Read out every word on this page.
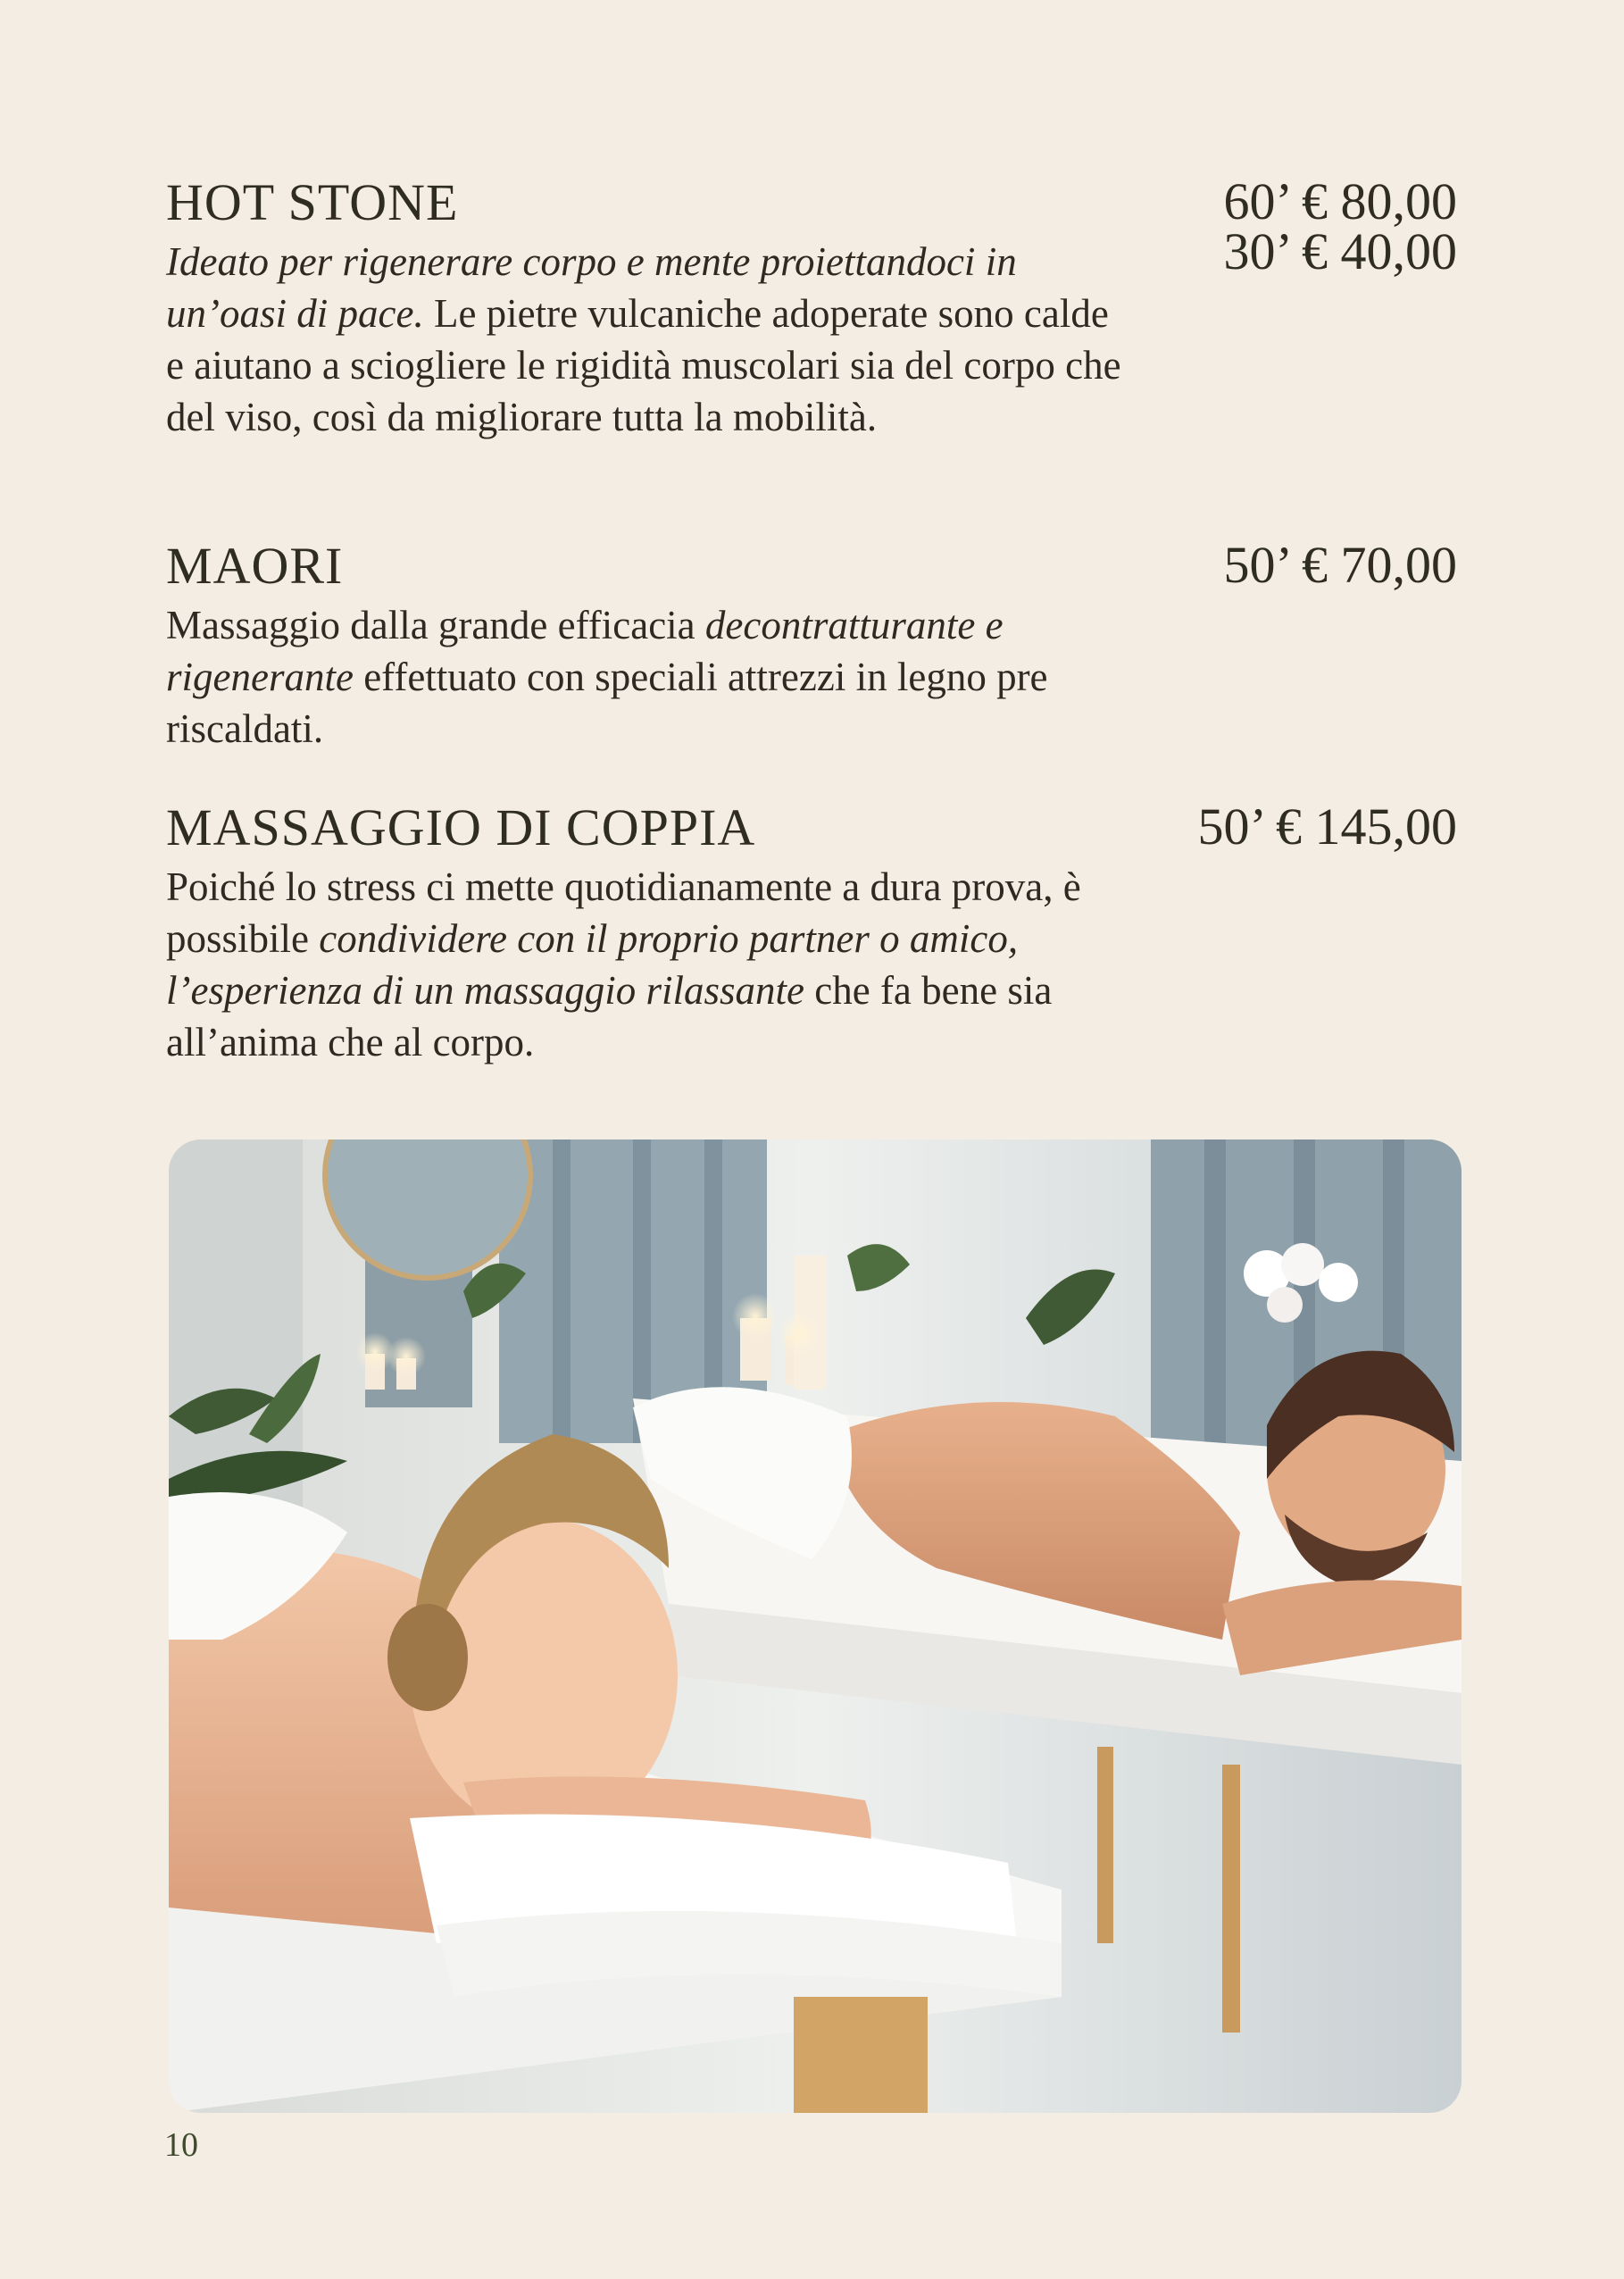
HOT STONE	60’ € 80,00
30’ € 40,00
Ideato per rigenerare corpo e mente proiettandoci in un’oasi di pace. Le pietre vulcaniche adoperate sono calde e aiutano a sciogliere le rigidità muscolari sia del corpo che del viso, così da migliorare tutta la mobilità.
MAORI	50’ € 70,00
Massaggio dalla grande efficacia decontratturante e rigenerante effettuato con speciali attrezzi in legno pre riscaldati.
MASSAGGIO DI COPPIA	50’ € 145,00
Poiché lo stress ci mette quotidianamente a dura prova, è possibile condividere con il proprio partner o amico, l’esperienza di un massaggio rilassante che fa bene sia all’anima che al corpo.
10
